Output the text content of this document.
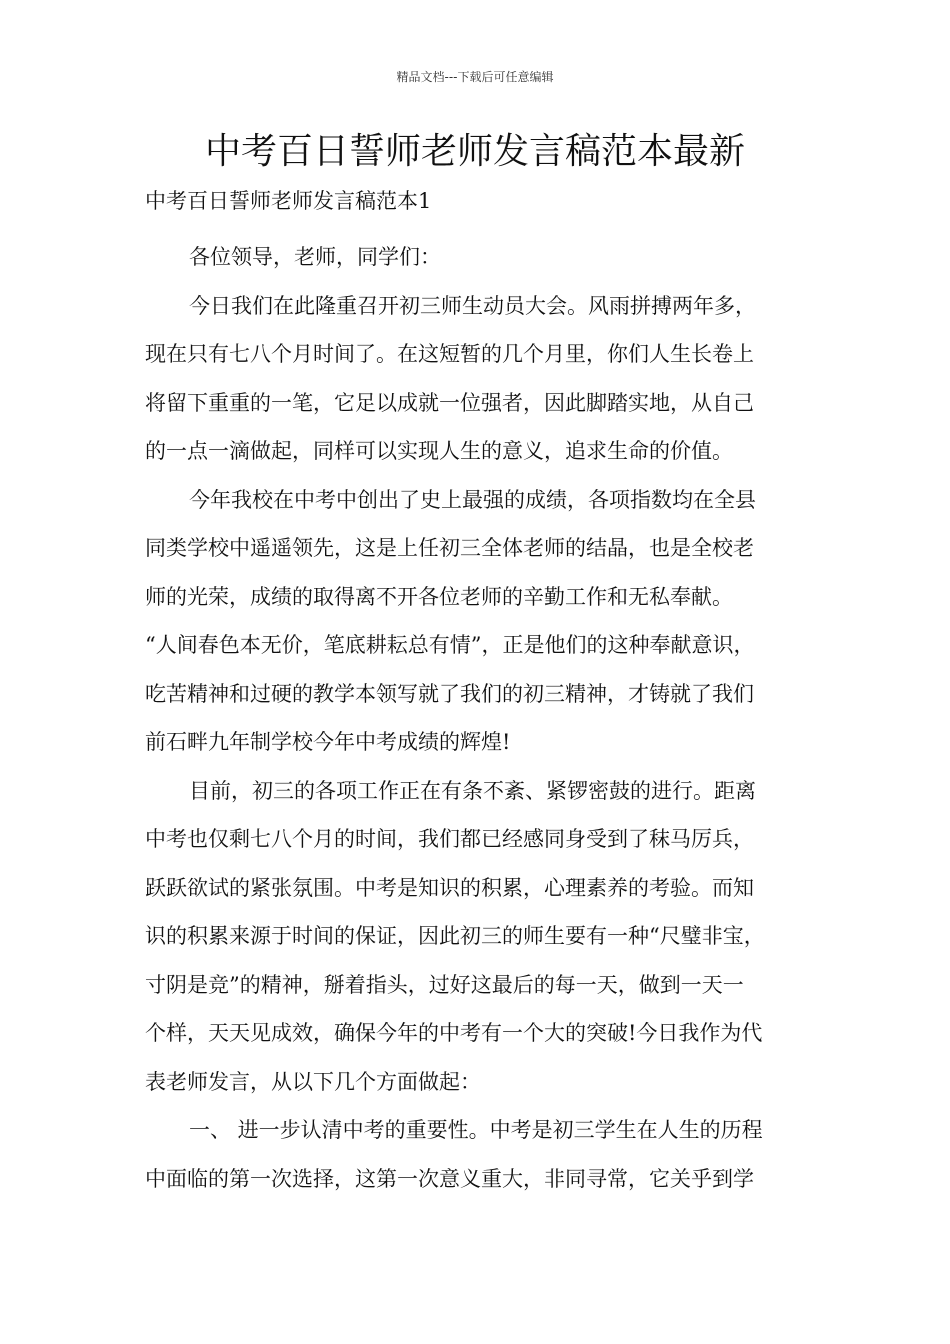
精品文档---下载后可任意编辑
中考百日誓师老师发言稿范本最新
中考百日誓师老师发言稿范本1
各位领导，老师，同学们：
今日我们在此隆重召开初三师生动员大会。风雨拼搏两年多，
现在只有七八个月时间了。在这短暂的几个月里，你们人生长卷上
将留下重重的一笔，它足以成就一位强者，因此脚踏实地，从自己
的一点一滴做起，同样可以实现人生的意义，追求生命的价值。
今年我校在中考中创出了史上最强的成绩，各项指数均在全县
同类学校中遥遥领先，这是上任初三全体老师的结晶，也是全校老
师的光荣，成绩的取得离不开各位老师的辛勤工作和无私奉献。
“人间春色本无价，笔底耕耘总有情”，正是他们的这种奉献意识，
吃苦精神和过硬的教学本领写就了我们的初三精神，才铸就了我们
前石畔九年制学校今年中考成绩的辉煌!
目前，初三的各项工作正在有条不紊、紧锣密鼓的进行。距离
中考也仅剩七八个月的时间，我们都已经感同身受到了秣马厉兵，
跃跃欲试的紧张氛围。中考是知识的积累，心理素养的考验。而知
识的积累来源于时间的保证，因此初三的师生要有一种“尺璧非宝，
寸阴是竞”的精神，掰着指头，过好这最后的每一天，做到一天一
个样，天天见成效，确保今年的中考有一个大的突破!今日我作为代
表老师发言，从以下几个方面做起：
一、 进一步认清中考的重要性。中考是初三学生在人生的历程
中面临的第一次选择，这第一次意义重大，非同寻常，它关乎到学
